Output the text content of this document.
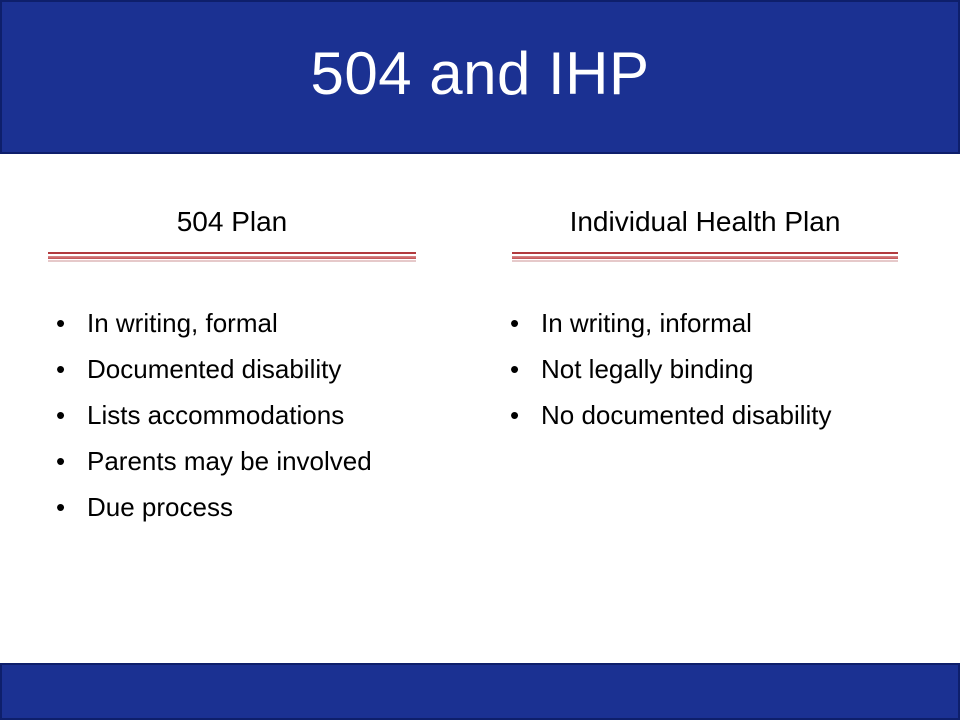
504 and IHP
504 Plan	Individual Health Plan
• In writing, formal
• Documented disability
• Lists accommodations
• Parents may be involved
• Due process
• In writing, informal
• Not legally binding
• No documented disability
